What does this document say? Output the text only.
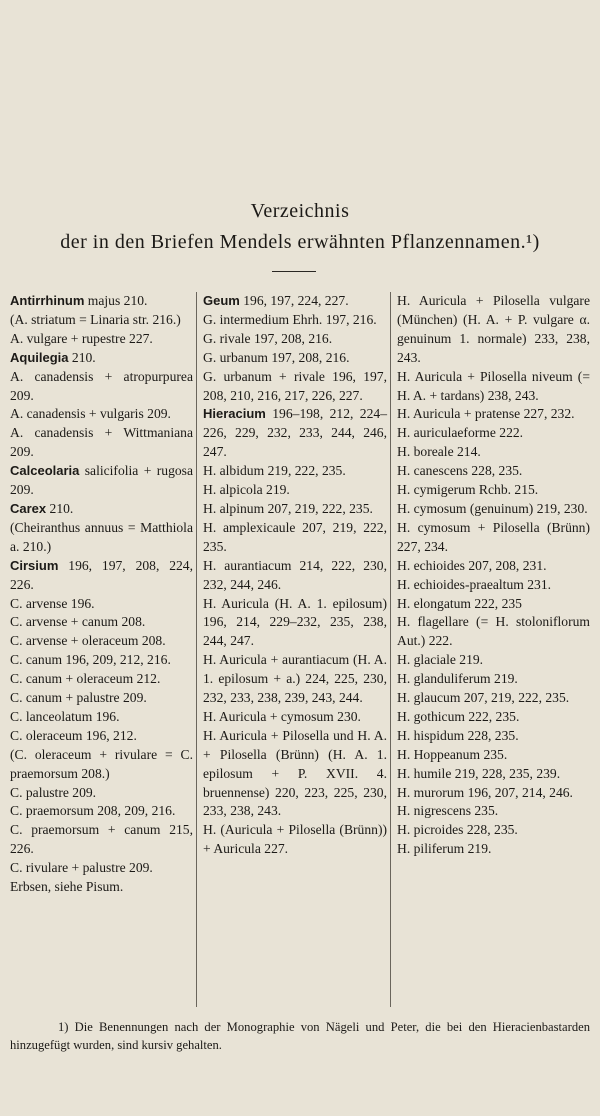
Verzeichnis
der in den Briefen Mendels erwähnten Pflanzennamen.¹)

Antirrhinum majus 210.

(A. striatum = Linaria str. 216.)

A. vulgare + rupestre 227.

Aquilegia 210.

A. canadensis + atropurpurea 209.

A. canadensis + vulgaris 209.

A. canadensis + Wittmaniana 209.

Calceolaria salicifolia + rugosa 209.

Carex 210.

(Cheiranthus annuus = Matthiola a. 210.)

Cirsium 196, 197, 208, 224, 226.

C. arvense 196.

C. arvense + canum 208.

C. arvense + oleraceum 208.

C. canum 196, 209, 212, 216.

C. canum + oleraceum 212.

C. canum + palustre 209.

C. lanceolatum 196.

C. oleraceum 196, 212.

(C. oleraceum + rivulare = C. praemorsum 208.)

C. palustre 209.

C. praemorsum 208, 209, 216.

C. praemorsum + canum 215, 226.

C. rivulare + palustre 209.

Erbsen, siehe Pisum.

Geum 196, 197, 224, 227.

G. intermedium Ehrh. 197, 216.

G. rivale 197, 208, 216.

G. urbanum 197, 208, 216.

G. urbanum + rivale 196, 197, 208, 210, 216, 217, 226, 227.

Hieracium 196–198, 212, 224–226, 229, 232, 233, 244, 246, 247.

H. albidum 219, 222, 235.

H. alpicola 219.

H. alpinum 207, 219, 222, 235.

H. amplexicaule 207, 219, 222, 235.

H. aurantiacum 214, 222, 230, 232, 244, 246.

H. Auricula (H. A. 1. epilosum) 196, 214, 229–232, 235, 238, 244, 247.

H. Auricula + aurantiacum (H. A. 1. epilosum + a.) 224, 225, 230, 232, 233, 238, 239, 243, 244.

H. Auricula + cymosum 230.

H. Auricula + Pilosella und H. A. + Pilosella (Brünn) (H. A. 1. epilosum + P. XVII. 4. bruennense) 220, 223, 225, 230, 233, 238, 243.

H. (Auricula + Pilosella (Brünn)) + Auricula 227.

H. Auricula + Pilosella vulgare (München) (H. A. + P. vulgare α. genuinum 1. normale) 233, 238, 243.

H. Auricula + Pilosella niveum (= H. A. + tardans) 238, 243.

H. Auricula + pratense 227, 232.

H. auriculaeforme 222.

H. boreale 214.

H. canescens 228, 235.

H. cymigerum Rchb. 215.

H. cymosum (genuinum) 219, 230.

H. cymosum + Pilosella (Brünn) 227, 234.

H. echioides 207, 208, 231.

H. echioides-praealtum 231.

H. elongatum 222, 235

H. flagellare (= H. stoloniflorum Aut.) 222.

H. glaciale 219.

H. glanduliferum 219.

H. glaucum 207, 219, 222, 235.

H. gothicum 222, 235.

H. hispidum 228, 235.

H. Hoppeanum 235.

H. humile 219, 228, 235, 239.

H. murorum 196, 207, 214, 246.

H. nigrescens 235.

H. picroides 228, 235.

H. piliferum 219.

1) Die Benennungen nach der Monographie von Nägeli und Peter, die bei den Hieracienbastarden hinzugefügt wurden, sind kursiv gehalten.
